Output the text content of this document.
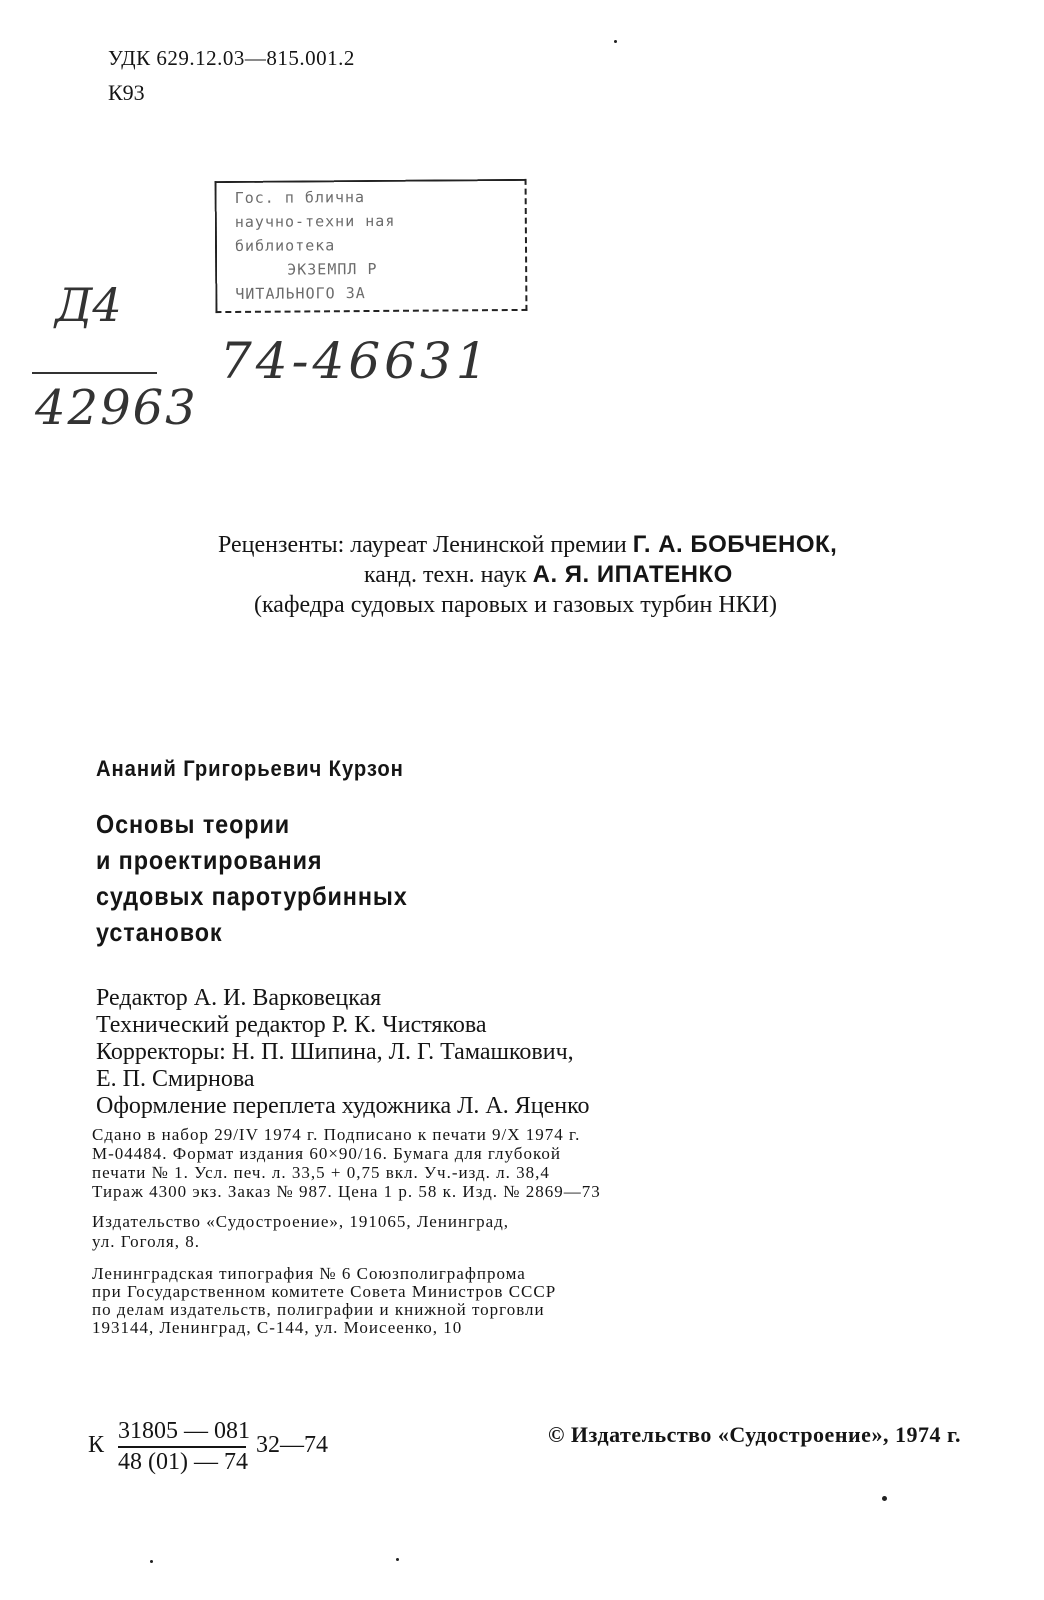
УДК 629.12.03—815.001.2
К93
Гос. п блична
научно-техни ная
библиотека
ЭКЗЕМПЛ Р
ЧИТАЛЬНОГО ЗА
Д4
42963
74-46631
Рецензенты: лауреат Ленинской премии Г. А. БОБЧЕНОК,
канд. техн. наук А. Я. ИПАТЕНКО
(кафедра судовых паровых и газовых турбин НКИ)
Ананий Григорьевич Курзон
Основы теории
и проектирования
судовых паротурбинных
установок
Редактор А. И. Варковецкая
Технический редактор Р. К. Чистякова
Корректоры: Н. П. Шипина, Л. Г. Тамашкович,
Е. П. Смирнова
Оформление переплета художника Л. А. Яценко
Сдано в набор 29/IV 1974 г. Подписано к печати 9/X 1974 г.
М-04484. Формат издания 60×90/16. Бумага для глубокой
печати № 1. Усл. печ. л. 33,5 + 0,75 вкл. Уч.-изд. л. 38,4
Тираж 4300 экз. Заказ № 987. Цена 1 р. 58 к. Изд. № 2869—73
Издательство «Судостроение», 191065, Ленинград,
ул. Гоголя, 8.
Ленинградская типография № 6 Союзполиграфпрома
при Государственном комитете Совета Министров СССР
по делам издательств, полиграфии и книжной торговли
193144, Ленинград, С-144, ул. Моисеенко, 10
К $\frac{31805 — 081}{48 (01) — 74}$ 32—74	© Издательство «Судостроение», 1974 г.
